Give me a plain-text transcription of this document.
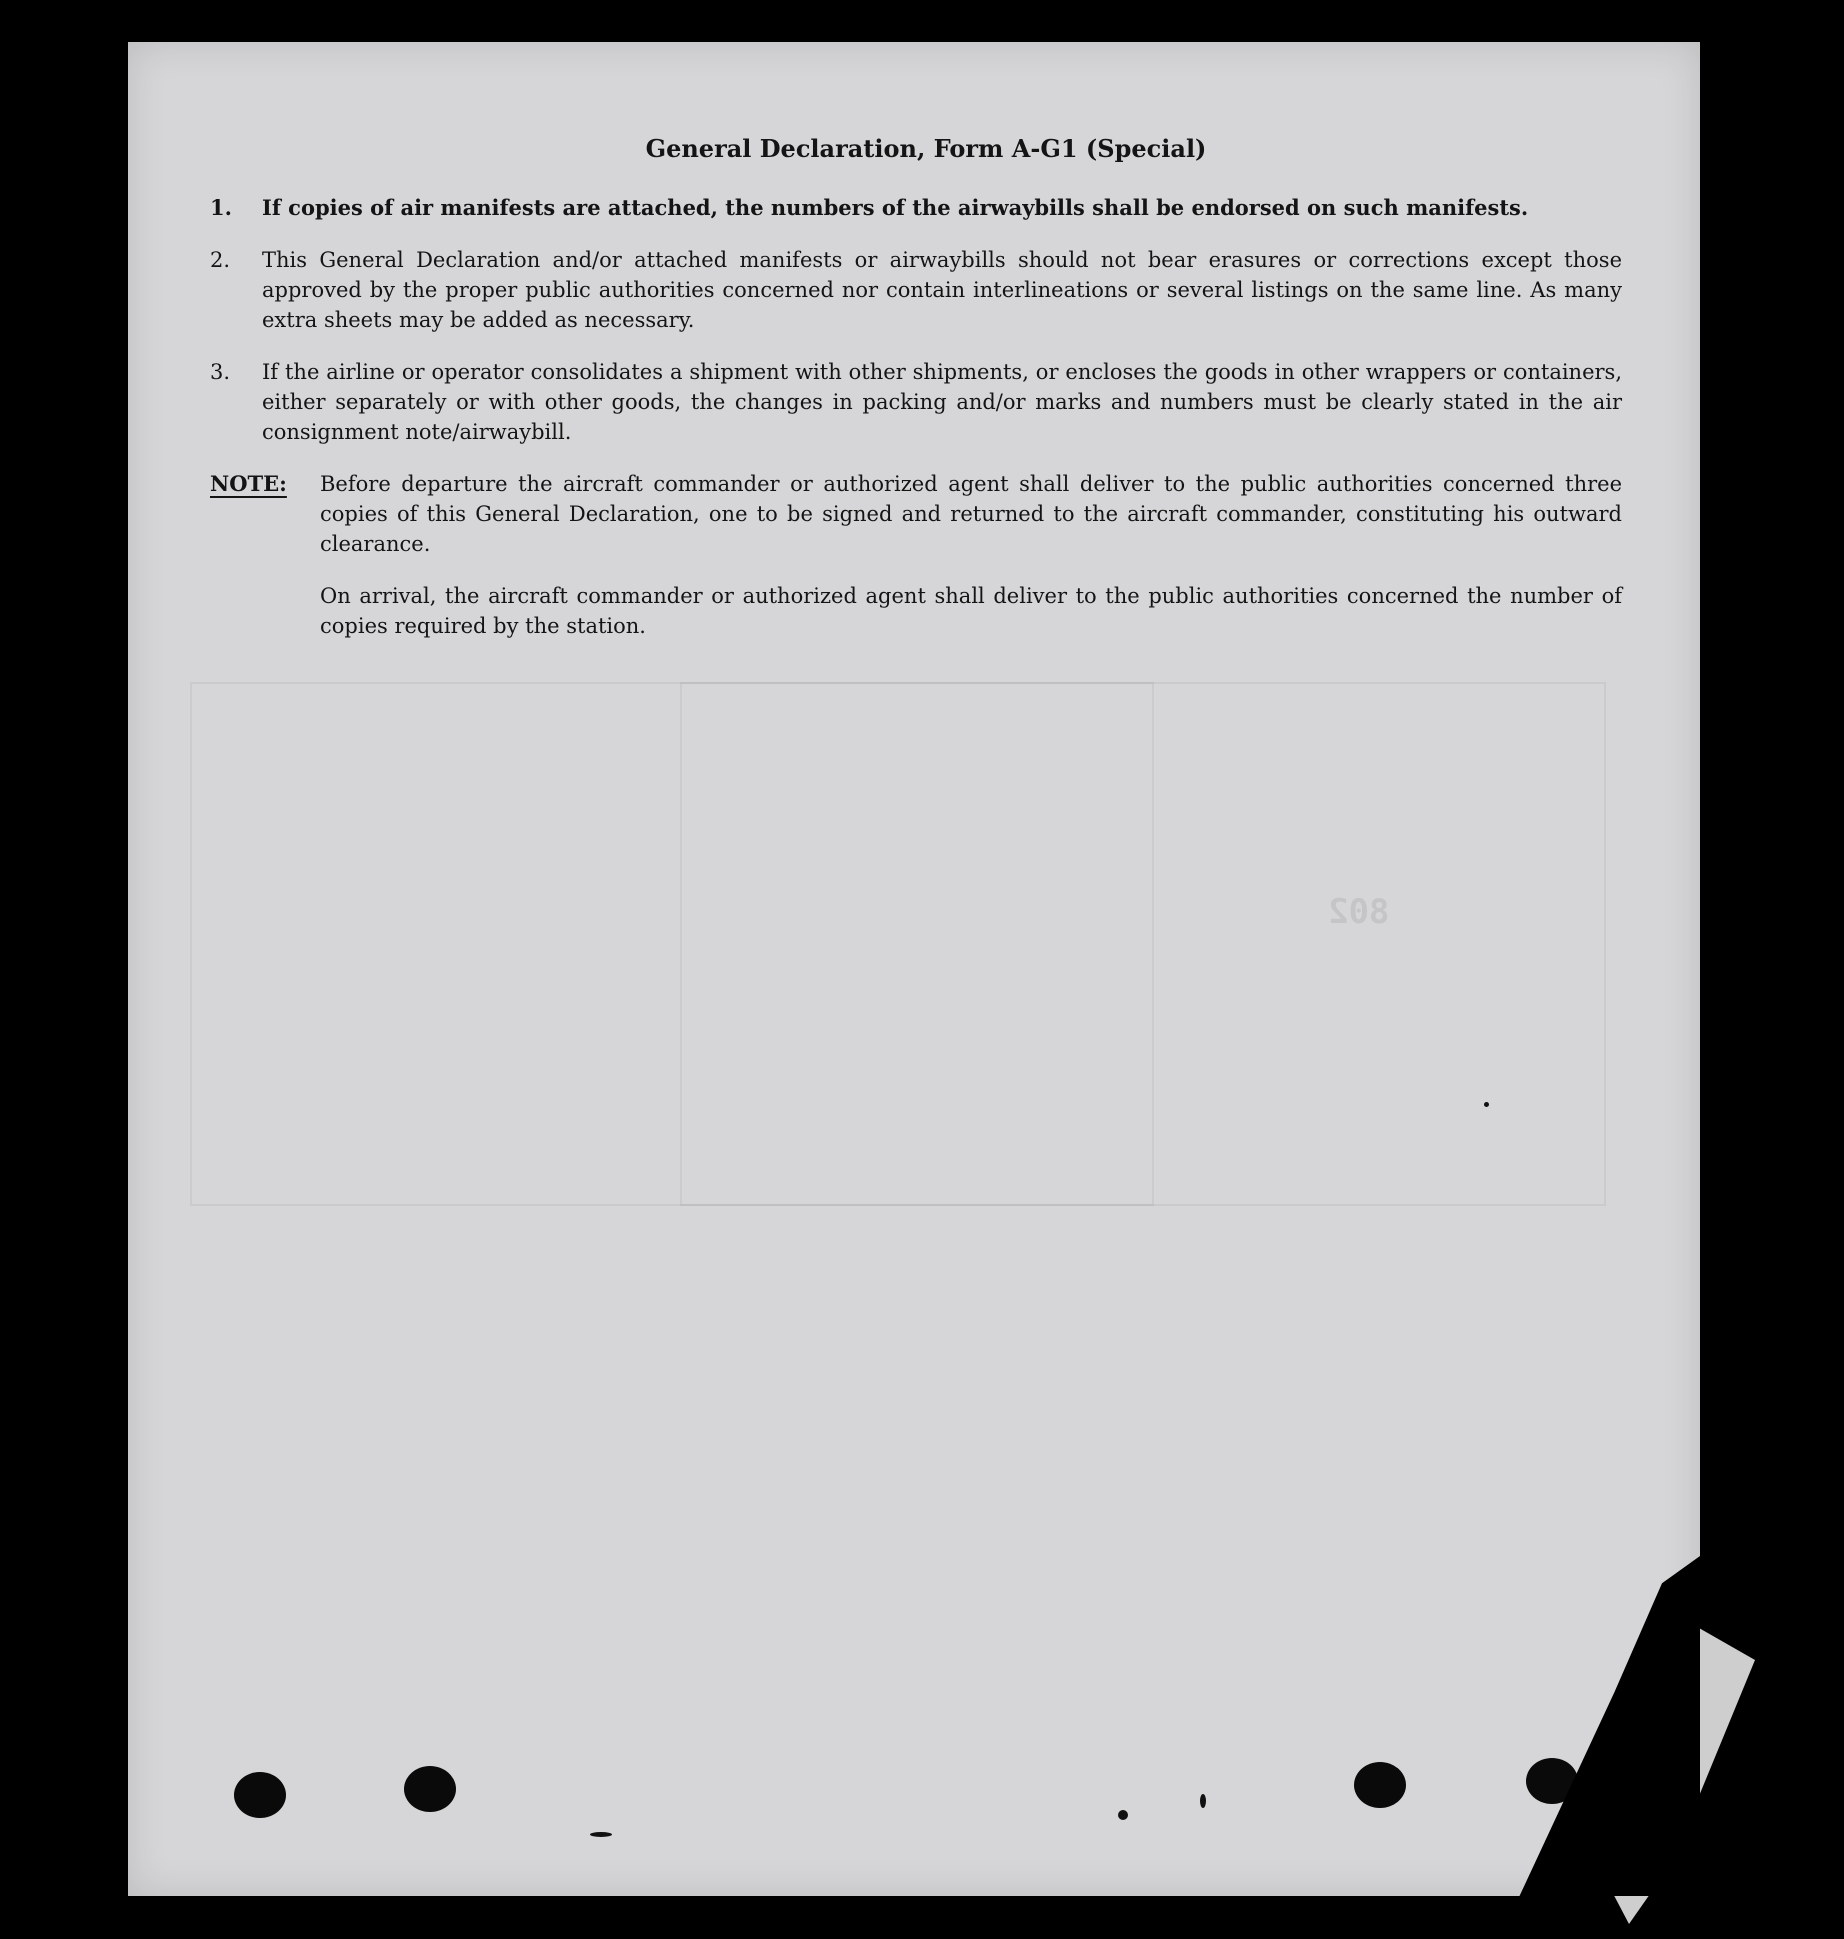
802
General Declaration, Form A-G1 (Special)
1.	If copies of air manifests are attached, the numbers of the airwaybills shall be endorsed on such manifests.
2.	This General Declaration and/or attached manifests or airwaybills should not bear erasures or corrections except those approved by the proper public authorities concerned nor contain interlineations or several listings on the same line. As many extra sheets may be added as necessary.
3.	If the airline or operator consolidates a shipment with other shipments, or encloses the goods in other wrappers or containers, either separately or with other goods, the changes in packing and/or marks and numbers must be clearly stated in the air consignment note/airwaybill.
NOTE:	Before departure the aircraft commander or authorized agent shall deliver to the public authorities concerned three copies of this General Declaration, one to be signed and returned to the aircraft commander, constituting his outward clearance.
On arrival, the aircraft commander or authorized agent shall deliver to the public authorities concerned the number of copies required by the station.
